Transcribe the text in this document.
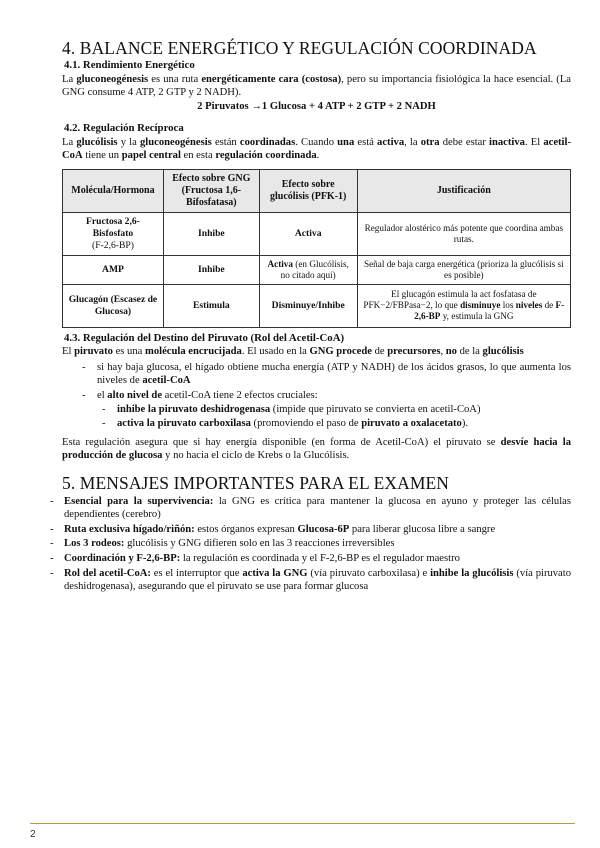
4. BALANCE ENERGÉTICO Y REGULACIÓN COORDINADA
4.1. Rendimiento Energético

La gluconeogénesis es una ruta energéticamente cara (costosa), pero su importancia fisiológica la hace esencial. (La GNG consume 4 ATP, 2 GTP y 2 NADH).

2 Piruvatos →1 Glucosa + 4 ATP + 2 GTP + 2 NADH

4.2. Regulación Recíproca

La glucólisis y la gluconeogénesis están coordinadas. Cuando una está activa, la otra debe estar inactiva. El acetil-CoA tiene un papel central en esta regulación coordinada.

Molécula/Hormona	Efecto sobre GNG (Fructosa 1,6-Bifosfatasa)	Efecto sobre glucólisis (PFK-1)	Justificación
Fructosa 2,6-Bisfosfato
(F-2,6-BP)	Inhibe	Activa	Regulador alostérico más potente que coordina ambas rutas.
AMP	Inhibe	Activa (en Glucólisis, no citado aquí)	Señal de baja carga energética (prioriza la glucólisis si es posible)
Glucagón (Escasez de Glucosa)	Estimula	Disminuye/Inhibe	El glucagón estimula la act fosfatasa de PFK−2/FBPasa−2, lo que disminuye los niveles de F-2,6-BP y, estimula la GNG
4.3. Regulación del Destino del Piruvato (Rol del Acetil-CoA)

El piruvato es una molécula encrucijada. El usado en la GNG procede de precursores, no de la glucólisis

- si hay baja glucosa, el hígado obtiene mucha energía (ATP y NADH) de los ácidos grasos, lo que aumenta los niveles de acetil-CoA
- el alto nivel de acetil-CoA tiene 2 efectos cruciales:
- inhibe la piruvato deshidrogenasa (impide que piruvato se convierta en acetil-CoA)
- activa la piruvato carboxilasa (promoviendo el paso de piruvato a oxalacetato).

Esta regulación asegura que si hay energía disponible (en forma de Acetil-CoA) el piruvato se desvíe hacia la producción de glucosa y no hacia el ciclo de Krebs o la Glucólisis.

5. MENSAJES IMPORTANTES PARA EL EXAMEN
- Esencial para la supervivencia: la GNG es crítica para mantener la glucosa en ayuno y proteger las células dependientes (cerebro)
- Ruta exclusiva hígado/riñón: estos órganos expresan Glucosa-6P para liberar glucosa libre a sangre
- Los 3 rodeos: glucólisis y GNG difieren solo en las 3 reacciones irreversibles
- Coordinación y F-2,6-BP: la regulación es coordinada y el F-2,6-BP es el regulador maestro
- Rol del acetil-CoA: es el interruptor que activa la GNG (vía piruvato carboxilasa) e inhibe la glucólisis (vía piruvato deshidrogenasa), asegurando que el piruvato se use para formar glucosa
2
